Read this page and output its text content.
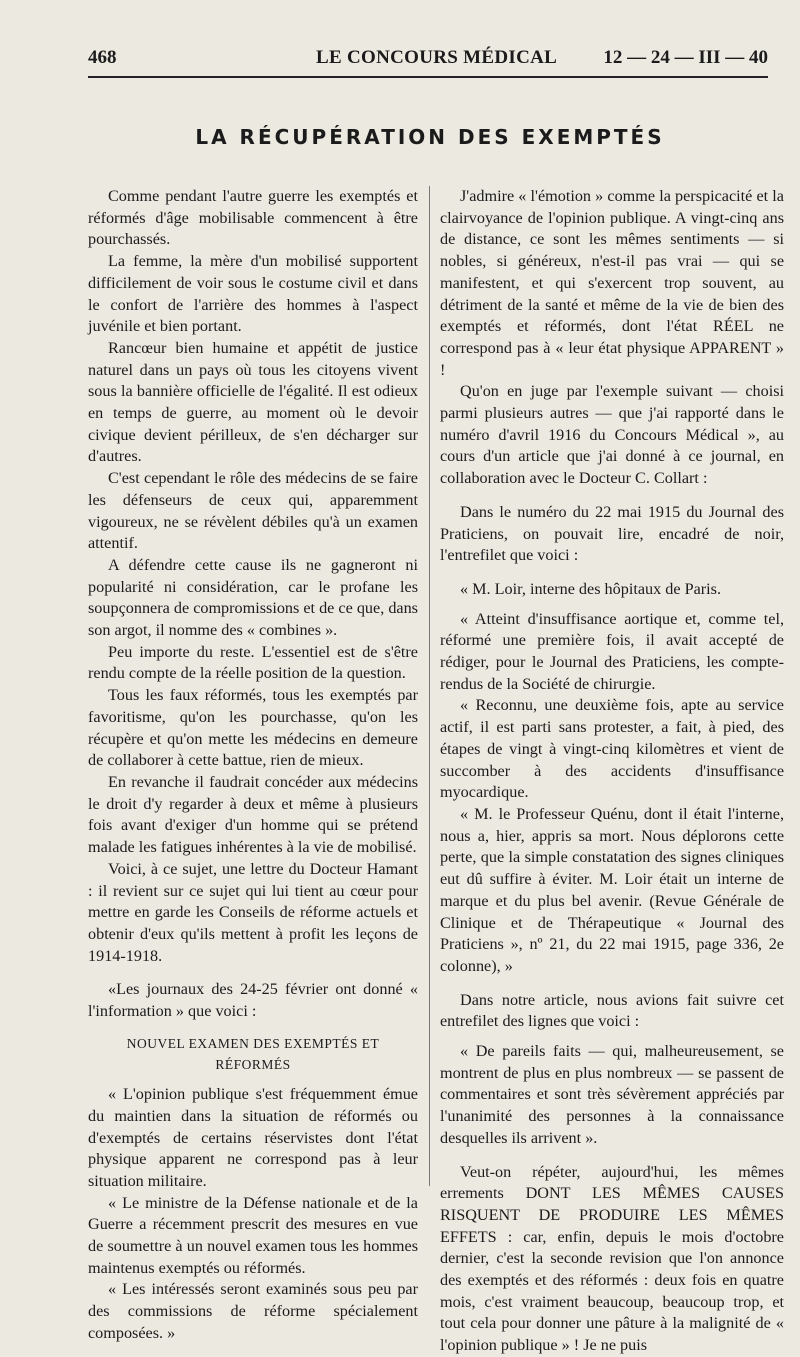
468	LE CONCOURS MÉDICAL 12 — 24 — III — 40
LA RÉCUPÉRATION DES EXEMPTÉS

Comme pendant l'autre guerre les exemptés et réformés d'âge mobilisable commencent à être pourchassés.

La femme, la mère d'un mobilisé supportent difficilement de voir sous le costume civil et dans le confort de l'arrière des hommes à l'aspect juvénile et bien portant.

Rancœur bien humaine et appétit de justice naturel dans un pays où tous les citoyens vivent sous la bannière officielle de l'égalité. Il est odieux en temps de guerre, au moment où le devoir civique devient périlleux, de s'en décharger sur d'autres.

C'est cependant le rôle des médecins de se faire les défenseurs de ceux qui, apparemment vigoureux, ne se révèlent débiles qu'à un examen attentif.

A défendre cette cause ils ne gagneront ni popularité ni considération, car le profane les soupçonnera de compromissions et de ce que, dans son argot, il nomme des « combines ».

Peu importe du reste. L'essentiel est de s'être rendu compte de la réelle position de la question.

Tous les faux réformés, tous les exemptés par favoritisme, qu'on les pourchasse, qu'on les récupère et qu'on mette les médecins en demeure de collaborer à cette battue, rien de mieux.

En revanche il faudrait concéder aux médecins le droit d'y regarder à deux et même à plusieurs fois avant d'exiger d'un homme qui se prétend malade les fatigues inhérentes à la vie de mobilisé.

Voici, à ce sujet, une lettre du Docteur Hamant : il revient sur ce sujet qui lui tient au cœur pour mettre en garde les Conseils de réforme actuels et obtenir d'eux qu'ils mettent à profit les leçons de 1914-1918.

«Les journaux des 24-25 février ont donné « l'information » que voici :

NOUVEL EXAMEN DES EXEMPTÉS ET RÉFORMÉS

« L'opinion publique s'est fréquemment émue du maintien dans la situation de réformés ou d'exemptés de certains réservistes dont l'état physique apparent ne correspond pas à leur situation militaire.

« Le ministre de la Défense nationale et de la Guerre a récemment prescrit des mesures en vue de soumettre à un nouvel examen tous les hommes maintenus exemptés ou réformés.

« Les intéressés seront examinés sous peu par des commissions de réforme spécialement composées. »

J'admire « l'émotion » comme la perspicacité et la clairvoyance de l'opinion publique. A vingt-cinq ans de distance, ce sont les mêmes sentiments — si nobles, si généreux, n'est-il pas vrai — qui se manifestent, et qui s'exercent trop souvent, au détriment de la santé et même de la vie de bien des exemptés et réformés, dont l'état RÉEL ne correspond pas à « leur état physique APPARENT » !

Qu'on en juge par l'exemple suivant — choisi parmi plusieurs autres — que j'ai rapporté dans le numéro d'avril 1916 du Concours Médical », au cours d'un article que j'ai donné à ce journal, en collaboration avec le Docteur C. Collart :

Dans le numéro du 22 mai 1915 du Journal des Praticiens, on pouvait lire, encadré de noir, l'entrefilet que voici :

« M. Loir, interne des hôpitaux de Paris.

« Atteint d'insuffisance aortique et, comme tel, réformé une première fois, il avait accepté de rédiger, pour le Journal des Praticiens, les compte-rendus de la Société de chirurgie.

« Reconnu, une deuxième fois, apte au service actif, il est parti sans protester, a fait, à pied, des étapes de vingt à vingt-cinq kilomètres et vient de succomber à des accidents d'insuffisance myocardique.

« M. le Professeur Quénu, dont il était l'interne, nous a, hier, appris sa mort. Nous déplorons cette perte, que la simple constatation des signes cliniques eut dû suffire à éviter. M. Loir était un interne de marque et du plus bel avenir. (Revue Générale de Clinique et de Thérapeutique « Journal des Praticiens », nº 21, du 22 mai 1915, page 336, 2e colonne), »

Dans notre article, nous avions fait suivre cet entrefilet des lignes que voici :

« De pareils faits — qui, malheureusement, se montrent de plus en plus nombreux — se passent de commentaires et sont très sévèrement appréciés par l'unanimité des personnes à la connaissance desquelles ils arrivent ».

Veut-on répéter, aujourd'hui, les mêmes errements DONT LES MÊMES CAUSES RISQUENT DE PRODUIRE LES MÊMES EFFETS : car, enfin, depuis le mois d'octobre dernier, c'est la seconde revision que l'on annonce des exemptés et des réformés : deux fois en quatre mois, c'est vraiment beaucoup, beaucoup trop, et tout cela pour donner une pâture à la malignité de « l'opinion publique » ! Je ne puis
